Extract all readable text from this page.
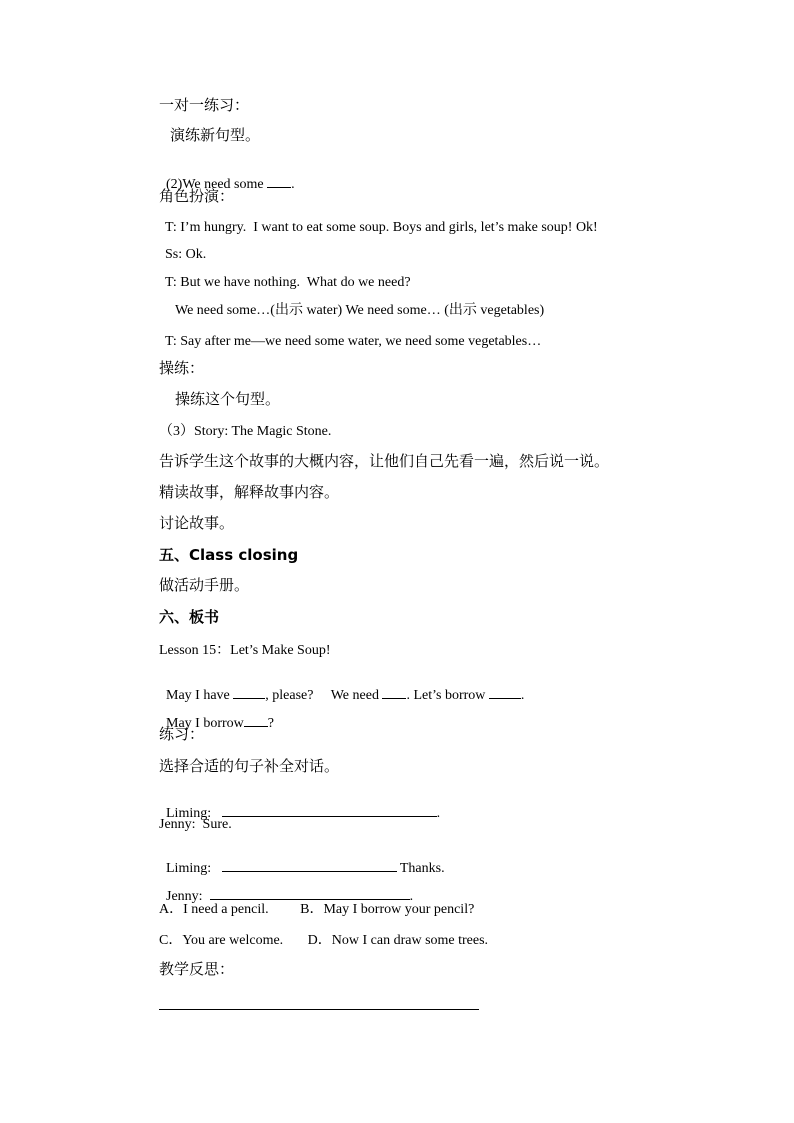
一对一练习：
演练新句型。

(2)We need some .

角色扮演：
T: I’m hungry.  I want to eat some soup. Boys and girls, let’s make soup! Ok!
Ss: Ok.
T: But we have nothing.  What do we need?
We need some…(出示 water) We need some… (出示 vegetables)
T: Say after me—we need some water, we need some vegetables…
操练：
操练这个句型。
（3）Story: The Magic Stone.
告诉学生这个故事的大概内容，让他们自己先看一遍，然后说一说。
精读故事，解释故事内容。
讨论故事。
五、Class closing
做活动手册。
六、板书
Lesson 15：Let’s Make Soup!

May I have , please?     We need . Let’s borrow .

May I borrow ?

练习：
选择合适的句子补全对话。

Liming:	.

Jenny:  Sure.

Liming:	Thanks.

Jenny:	.

A．I need a pencil.         B．May I borrow your pencil?
C．You are welcome.       D．Now I can draw some trees.
教学反思：
